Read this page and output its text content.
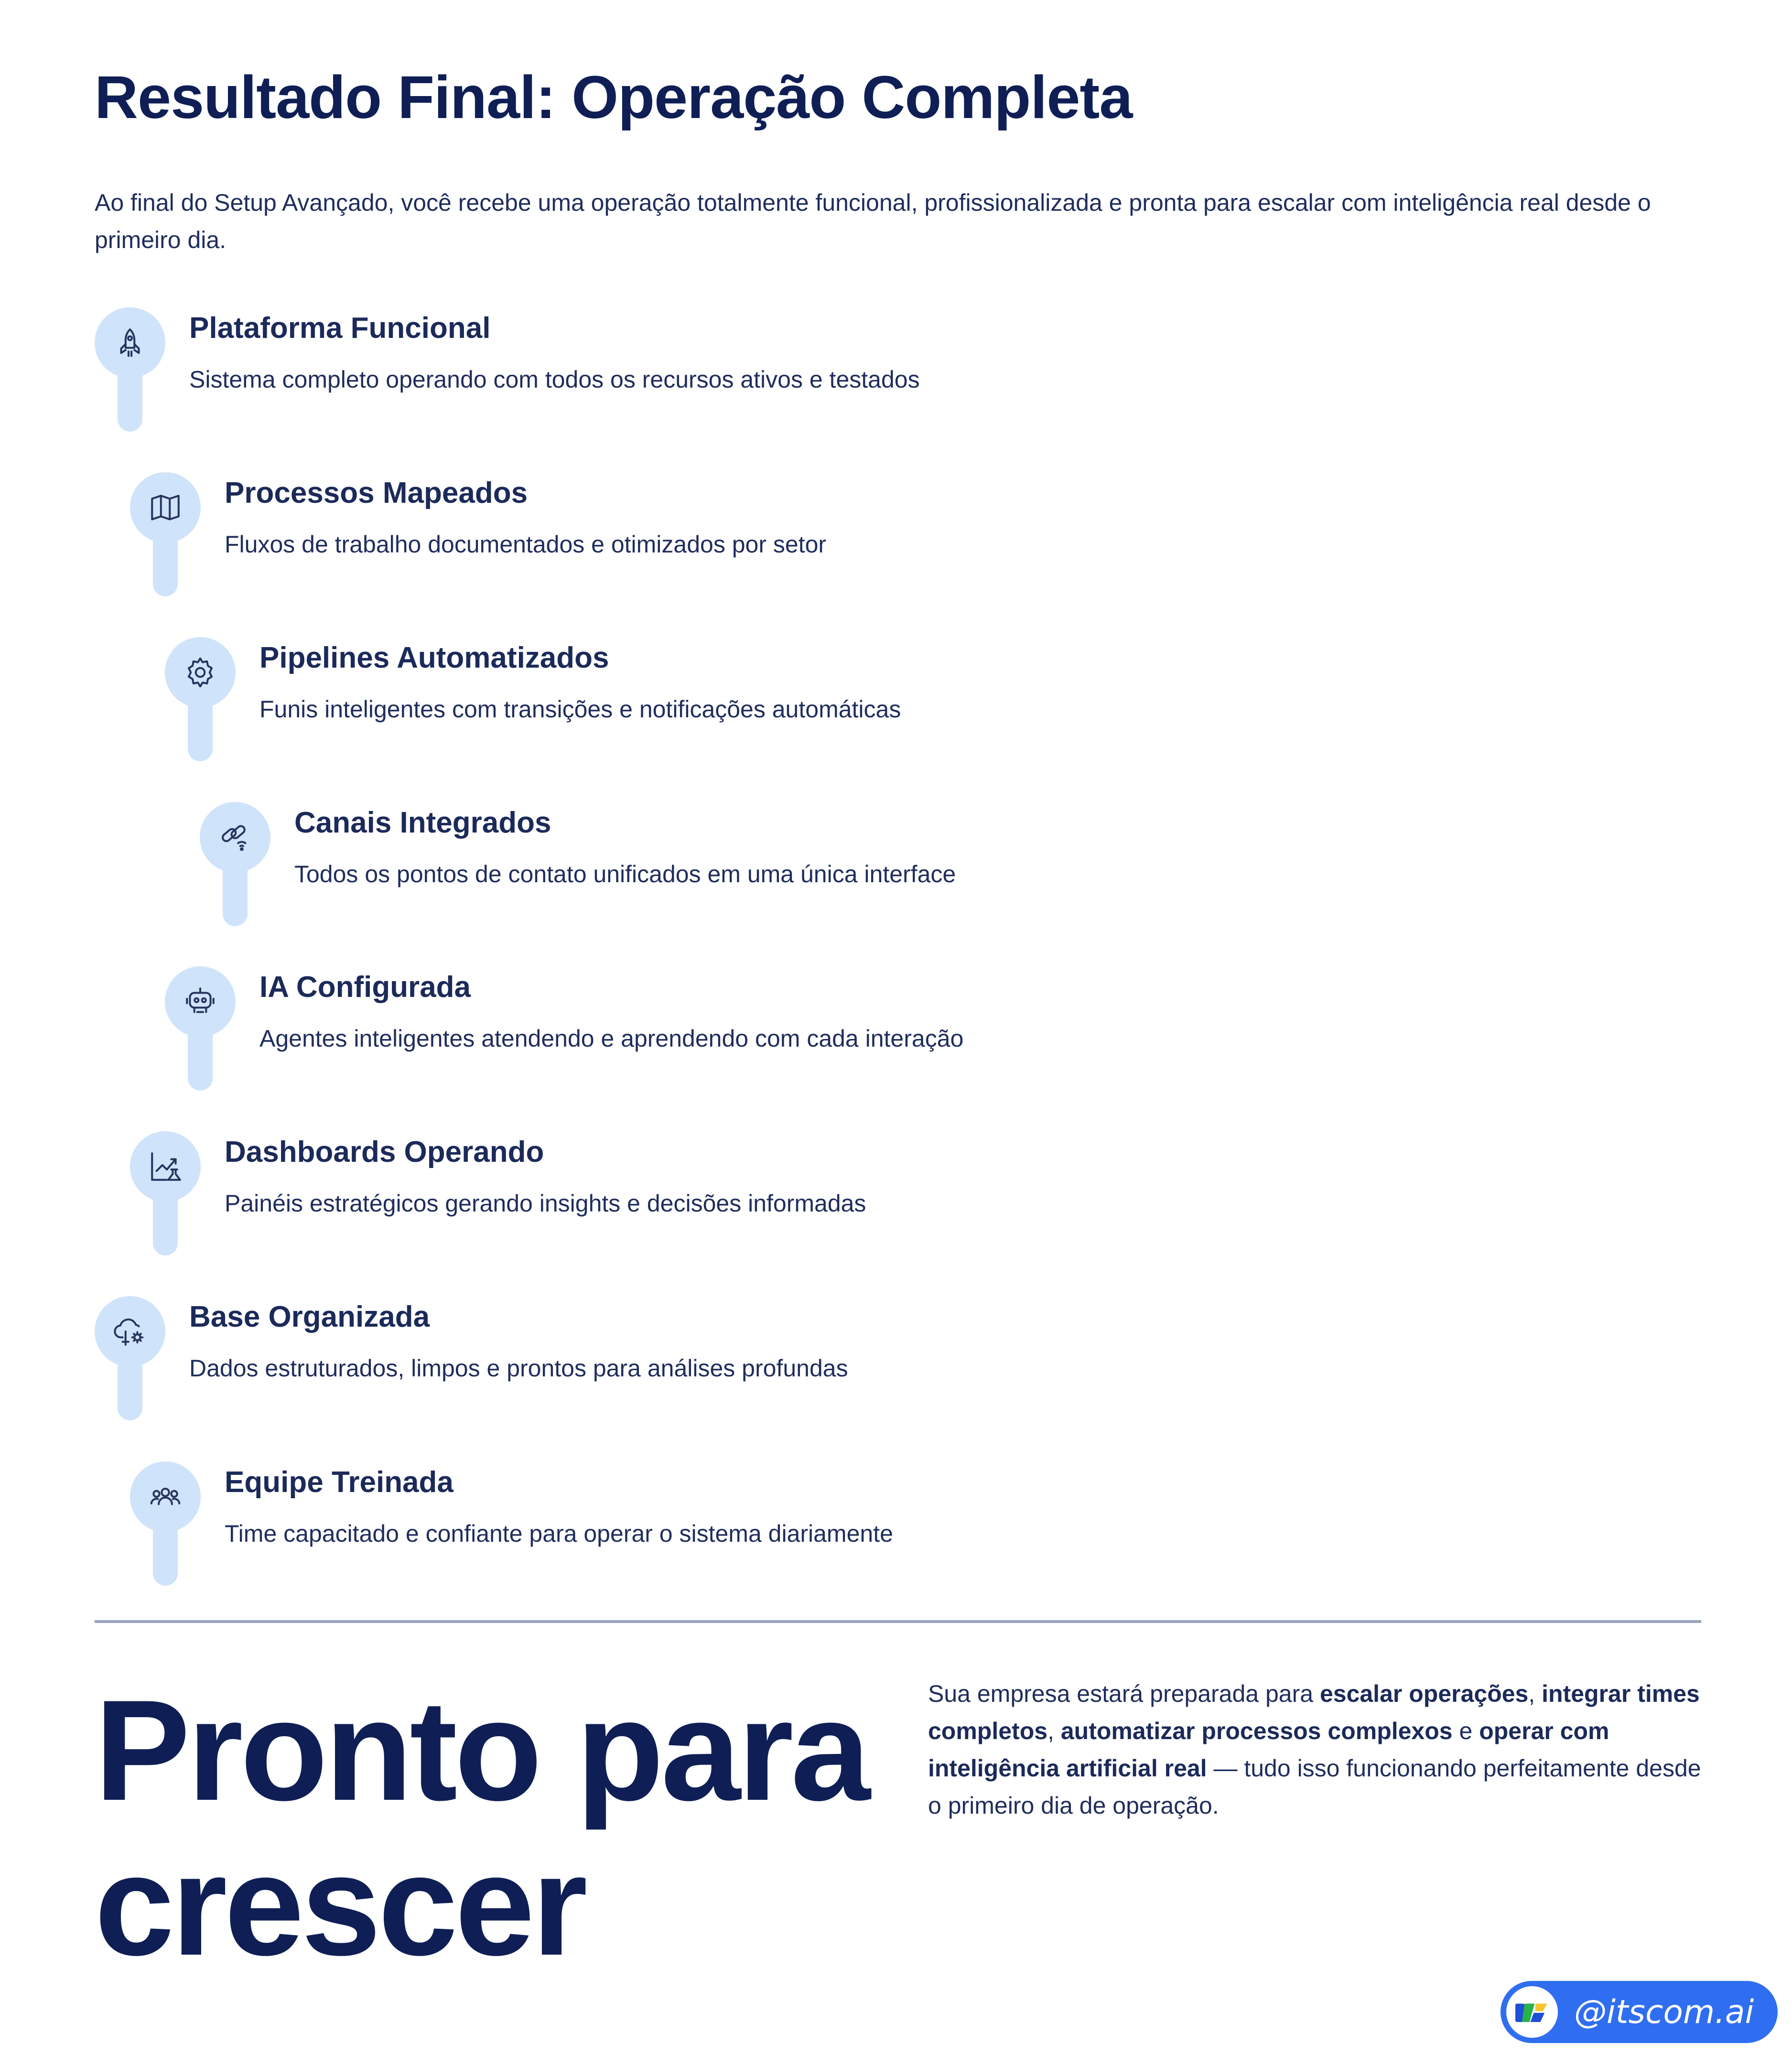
Resultado Final: Operação Completa

Ao final do Setup Avançado, você recebe uma operação totalmente funcional, profissionalizada e pronta para escalar com inteligência real desde o primeiro dia.

Plataforma Funcional
Sistema completo operando com todos os recursos ativos e testados
Processos Mapeados
Fluxos de trabalho documentados e otimizados por setor
Pipelines Automatizados
Funis inteligentes com transições e notificações automáticas
Canais Integrados
Todos os pontos de contato unificados em uma única interface
IA Configurada
Agentes inteligentes atendendo e aprendendo com cada interação
Dashboards Operando
Painéis estratégicos gerando insights e decisões informadas
Base Organizada
Dados estruturados, limpos e prontos para análises profundas
Equipe Treinada
Time capacitado e confiante para operar o sistema diariamente
Pronto para
crescer

Sua empresa estará preparada para escalar operações, integrar times completos, automatizar processos complexos e operar com inteligência artificial real — tudo isso funcionando perfeitamente desde o primeiro dia de operação.

@itscom.ai
